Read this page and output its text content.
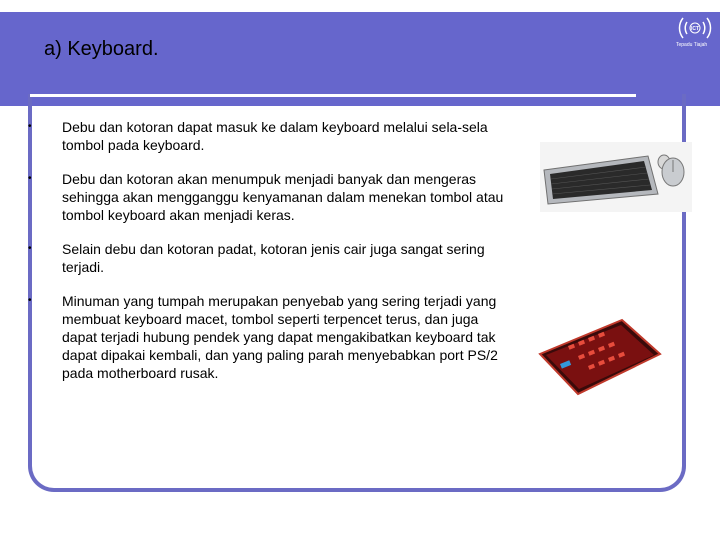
a) Keyboard.
ICT
Tepadu Tiajah
• Debu dan kotoran dapat masuk ke dalam keyboard melalui sela-sela tombol pada keyboard.
• Debu dan kotoran akan menumpuk menjadi banyak dan mengeras sehingga akan mengganggu kenyamanan dalam menekan tombol atau tombol keyboard akan menjadi keras.
• Selain debu dan kotoran padat, kotoran jenis cair juga sangat sering terjadi.
• Minuman yang tumpah merupakan penyebab yang sering terjadi yang membuat keyboard macet, tombol seperti terpencet terus, dan juga dapat terjadi hubung pendek yang dapat mengakibatkan keyboard tak dapat dipakai kembali, dan yang paling parah menyebabkan port PS/2 pada motherboard rusak.
